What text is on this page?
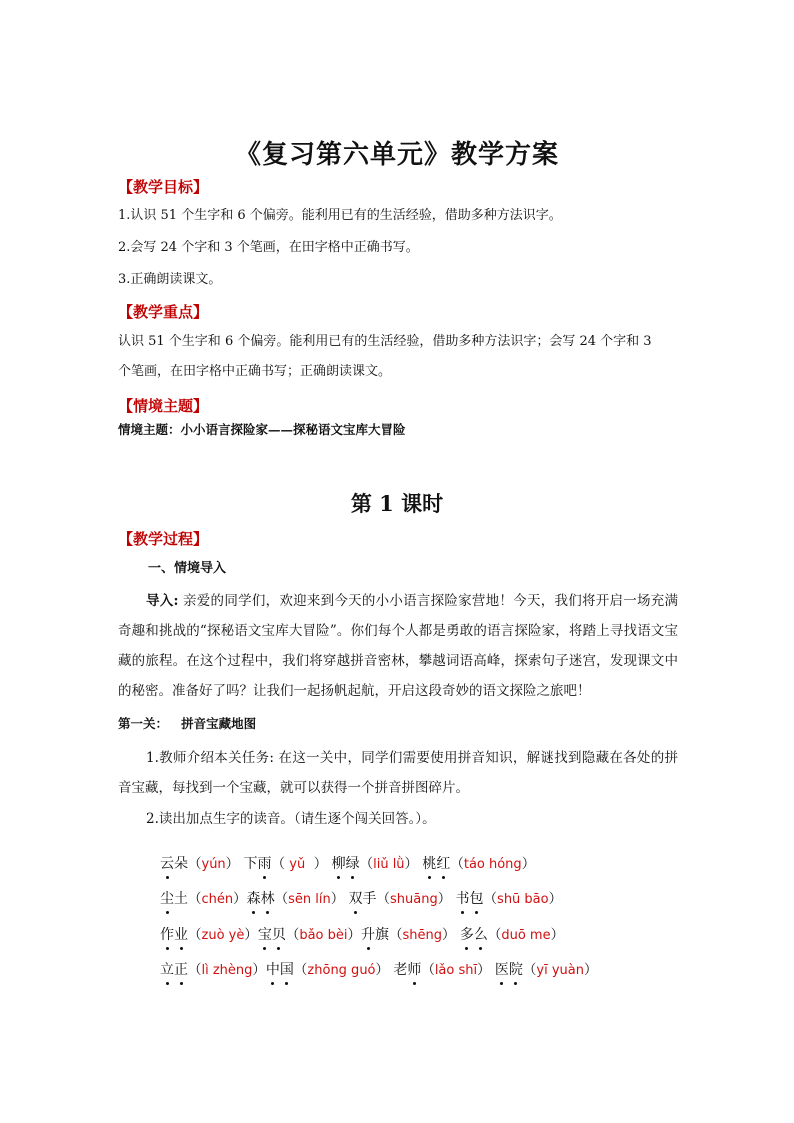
《复习第六单元》教学方案
【教学目标】
1.认识 51 个生字和 6 个偏旁。能利用已有的生活经验，借助多种方法识字。
2.会写 24 个字和 3 个笔画，在田字格中正确书写。
3.正确朗读课文。
【教学重点】
认识 51 个生字和 6 个偏旁。能利用已有的生活经验，借助多种方法识字；会写 24 个字和 3
个笔画，在田字格中正确书写；正确朗读课文。
【情境主题】
情境主题：小小语言探险家——探秘语文宝库大冒险
第 1 课时
【教学过程】
一、情境导入
导入: 亲爱的同学们，欢迎来到今天的小小语言探险家营地！今天，我们将开启一场充满奇趣和挑战的“探秘语文宝库大冒险”。你们每个人都是勇敢的语言探险家，将踏上寻找语文宝藏的旅程。在这个过程中，我们将穿越拼音密林，攀越词语高峰，探索句子迷宫，发现课文中的秘密。准备好了吗？让我们一起扬帆起航，开启这段奇妙的语文探险之旅吧！
第一关： 拼音宝藏地图
1.教师介绍本关任务: 在这一关中，同学们需要使用拼音知识，解谜找到隐藏在各处的拼音宝藏，每找到一个宝藏，就可以获得一个拼音拼图碎片。
2.读出加点生字的读音。（请生逐个闯关回答。）。
云朵（yún） 下雨（ yǔ ） 柳绿（liǔ lǜ） 桃红（táo hóng）
尘土（chén）森林（sēn lín） 双手（shuāng） 书包（shū bāo）
作业（zuò yè）宝贝（bǎo bèi）升旗（shēng） 多么（duō me）
立正（lì zhèng）中国（zhōng guó） 老师（lǎo shī） 医院（yī yuàn）
